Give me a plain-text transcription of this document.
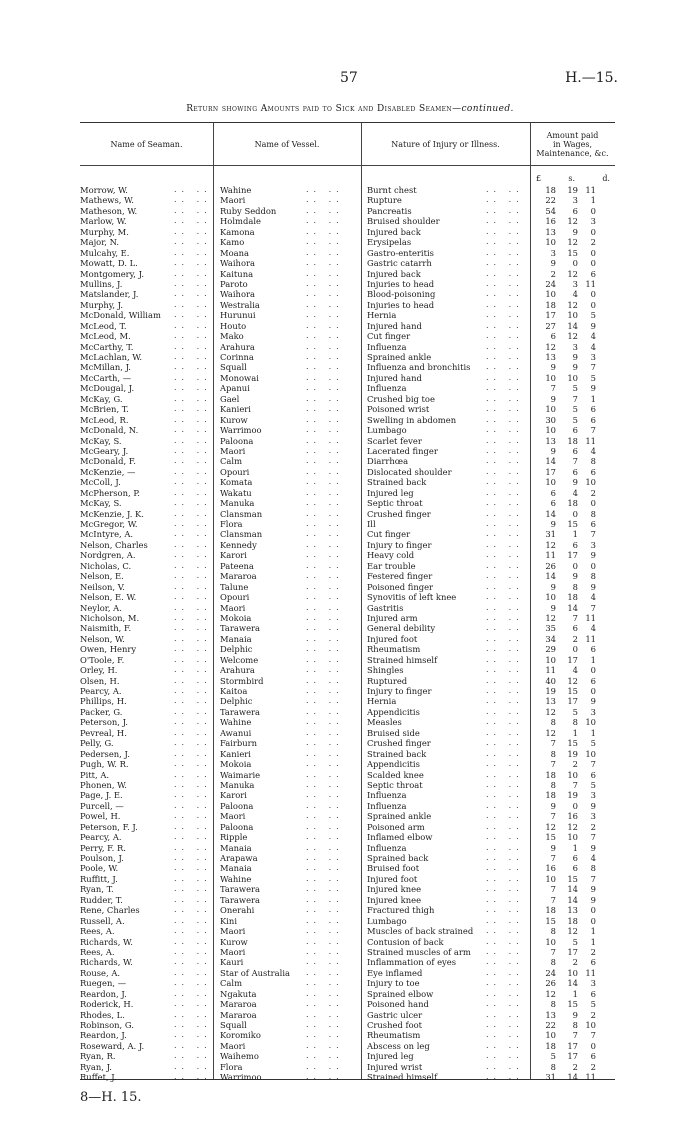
57	H.—15.
Return showing Amounts paid to Sick and Disabled Seamen—continued.
Name of Seaman.	Name of Vessel.	Nature of Injury or Illness.
Amount paid
in Wages,
Maintenance, &c.
£	s.	d.
Morrow, W.	Wahine	Burnt chest	18	19 11
.. ..	.. ..	.. ..
Mathews, W.	Maori	Rupture	22	3	1
.. ..	.. ..	.. ..
Matheson, W.	Ruby Seddon	Pancreatis	54	6	0
.. ..	.. ..	.. ..
Marlow, W.	Holmdale	Bruised shoulder	16	12	3
.. ..	.. ..	.. ..
Murphy, M.	Kamona	Injured back	13	9	0
.. ..	.. ..	.. ..
Major, N.	Kamo	Erysipelas	10	12	2
.. ..	.. ..	.. ..
Mulcahy, E.	Moana	Gastro-enteritis	3	15	0
.. ..	.. ..	.. ..
Mowatt, D. L.	Waihora	Gastric catarrh	9	0	0
.. ..	.. ..	.. ..
Montgomery, J.	Kaituna	Injured back	2	12	6
.. ..	.. ..	.. ..
Mullins, J.	Paroto	Injuries to head	24	3 11
.. ..	.. ..	.. ..
Matslander, J.	Waihora	Blood-poisoning	10	4	0
.. ..	.. ..	.. ..
Murphy, J.	Westralia	Injuries to head	18	12	0
.. ..	.. ..	.. ..
McDonald, William	Hurunui	Hernia	17	10	5
.. ..	.. ..	.. ..
McLeod, T.	Houto	Injured hand	27	14	9
.. ..	.. ..	.. ..
McLeod, M.	Mako	Cut finger	6	12	4
.. ..	.. ..	.. ..
McCarthy, T.	Arahura	Influenza	12	3	4
.. ..	.. ..	.. ..
McLachlan, W.	Corinna	Sprained ankle	13	9	3
.. ..	.. ..	.. ..
McMillan, J.	Squall	Influenza and bronchitis	9	9	7
.. ..	.. ..	.. ..
McCarth, —	Monowai	Injured hand	10	10	5
.. ..	.. ..	.. ..
McDougal, J.	Apanui	Influenza	7	5	9
.. ..	.. ..	.. ..
McKay, G.	Gael	Crushed big toe	9	7	1
.. ..	.. ..	.. ..
McBrien, T.	Kanieri	Poisoned wrist	10	5	6
.. ..	.. ..	.. ..
McLeod, R.	Kurow	Swelling in abdomen	30	5	6
.. ..	.. ..	.. ..
McDonald, N.	Warrimoo	Lumbago	10	6	7
.. ..	.. ..	.. ..
McKay, S.	Paloona	Scarlet fever	13	18 11
.. ..	.. ..	.. ..
McGeary, J.	Maori	Lacerated finger	9	6	4
.. ..	.. ..	.. ..
McDonald, F.	Calm	Diarrhœa	14	7	8
.. ..	.. ..	.. ..
McKenzie, —	Opouri	Dislocated shoulder	17	6	6
.. ..	.. ..	.. ..
McColl, J.	Komata	Strained back	10	9 10
.. ..	.. ..	.. ..
McPherson, P.	Wakatu	Injured leg	6	4	2
.. ..	.. ..	.. ..
McKay, S.	Manuka	Septic throat	6	18	0
.. ..	.. ..	.. ..
McKenzie, J. K.	Clansman	Crushed finger	14	0	8
.. ..	.. ..	.. ..
McGregor, W.	Flora	Ill	9	15	6
.. ..	.. ..	.. ..
McIntyre, A.	Clansman	Cut finger	31	1	7
.. ..	.. ..	.. ..
Nelson, Charles	Kennedy	Injury to finger	12	6	3
.. ..	.. ..	.. ..
Nordgren, A.	Karori	Heavy cold	11	17	9
.. ..	.. ..	.. ..
Nicholas, C.	Pateena	Ear trouble	26	0	0
.. ..	.. ..	.. ..
Nelson, E.	Mararoa	Festered finger	14	9	8
.. ..	.. ..	.. ..
Neilson, V.	Talune	Poisoned finger	9	8	9
.. ..	.. ..	.. ..
Nelson, E. W.	Opouri	Synovitis of left knee	10	18	4
.. ..	.. ..	.. ..
Neylor, A.	Maori	Gastritis	9	14	7
.. ..	.. ..	.. ..
Nicholson, M.	Mokoia	Injured arm	12	7 11
.. ..	.. ..	.. ..
Naismith, F.	Tarawera	General debility	35	6	4
.. ..	.. ..	.. ..
Nelson, W.	Manaia	Injured foot	34	2 11
.. ..	.. ..	.. ..
Owen, Henry	Delphic	Rheumatism	29	0	6
.. ..	.. ..	.. ..
O'Toole, F.	Welcome	Strained himself	10	17	1
.. ..	.. ..	.. ..
Orley, H.	Arahura	Shingles	11	4	0
.. ..	.. ..	.. ..
Olsen, H.	Stormbird	Ruptured	40	12	6
.. ..	.. ..	.. ..
Pearcy, A.	Kaitoa	Injury to finger	19	15	0
.. ..	.. ..	.. ..
Phillips, H.	Delphic	Hernia	13	17	9
.. ..	.. ..	.. ..
Packer, G.	Tarawera	Appendicitis	12	5	3
.. ..	.. ..	.. ..
Peterson, J.	Wahine	Measles	8	8 10
.. ..	.. ..	.. ..
Pevreal, H.	Awanui	Bruised side	12	1	1
.. ..	.. ..	.. ..
Pelly, G.	Fairburn	Crushed finger	7	15	5
.. ..	.. ..	.. ..
Pedersen, J.	Kanieri	Strained back	8	19 10
.. ..	.. ..	.. ..
Pugh, W. R.	Mokoia	Appendicitis	7	2	7
.. ..	.. ..	.. ..
Pitt, A.	Waimarie	Scalded knee	18	10	6
.. ..	.. ..	.. ..
Phonen, W.	Manuka	Septic throat	8	7	5
.. ..	.. ..	.. ..
Page, J. E.	Karori	Influenza	18	19	3
.. ..	.. ..	.. ..
Purcell, —	Paloona	Influenza	9	0	9
.. ..	.. ..	.. ..
Powel, H.	Maori	Sprained ankle	7	16	3
.. ..	.. ..	.. ..
Peterson, F. J.	Paloona	Poisoned arm	12	12	2
.. ..	.. ..	.. ..
Pearcy, A.	Ripple	Inflamed elbow	15	10	7
.. ..	.. ..	.. ..
Perry, F. R.	Manaia	Influenza	9	1	9
.. ..	.. ..	.. ..
Poulson, J.	Arapawa	Sprained back	7	6	4
.. ..	.. ..	.. ..
Poole, W.	Manaia	Bruised foot	16	6	8
.. ..	.. ..	.. ..
Ruffitt, J.	Wahine	Injured foot	10	15	7
.. ..	.. ..	.. ..
Ryan, T.	Tarawera	Injured knee	7	14	9
.. ..	.. ..	.. ..
Rudder, T.	Tarawera	Injured knee	7	14	9
.. ..	.. ..	.. ..
Rene, Charles	Onerahi	Fractured thigh	18	13	0
.. ..	.. ..	.. ..
Russell, A.	Kini	Lumbago	15	18	0
.. ..	.. ..	.. ..
Rees, A.	Maori	Muscles of back strained	8	12	1
.. ..	.. ..	.. ..
Richards, W.	Kurow	Contusion of back	10	5	1
.. ..	.. ..	.. ..
Rees, A.	Maori	Strained muscles of arm	7	17	2
.. ..	.. ..	.. ..
Richards, W.	Kauri	Inflammation of eyes	8	2	6
.. ..	.. ..	.. ..
Rouse, A.	Star of Australia	Eye inflamed	24	10 11
.. ..	.. ..	.. ..
Ruegen, —	Calm	Injury to toe	26	14	3
.. ..	.. ..	.. ..
Reardon, J.	Ngakuta	Sprained elbow	12	1	6
.. ..	.. ..	.. ..
Roderick, H.	Mararoa	Poisoned hand	8	15	5
.. ..	.. ..	.. ..
Rhodes, L.	Mararoa	Gastric ulcer	13	9	2
.. ..	.. ..	.. ..
Robinson, G.	Squall	Crushed foot	22	8 10
.. ..	.. ..	.. ..
Reardon, J.	Koromiko	Rheumatism	10	7	7
.. ..	.. ..	.. ..
Roseward, A. J.	Maori	Abscess on leg	18	17	0
.. ..	.. ..	.. ..
Ryan, R.	Waihemo	Injured leg	5	17	6
.. ..	.. ..	.. ..
Ryan, J.	Flora	Injured wrist	8	2	2
.. ..	.. ..	.. ..
Ruffet, J.	Warrimoo	Strained himself	31	14 11
.. ..	.. ..	.. ..
8—H. 15.
